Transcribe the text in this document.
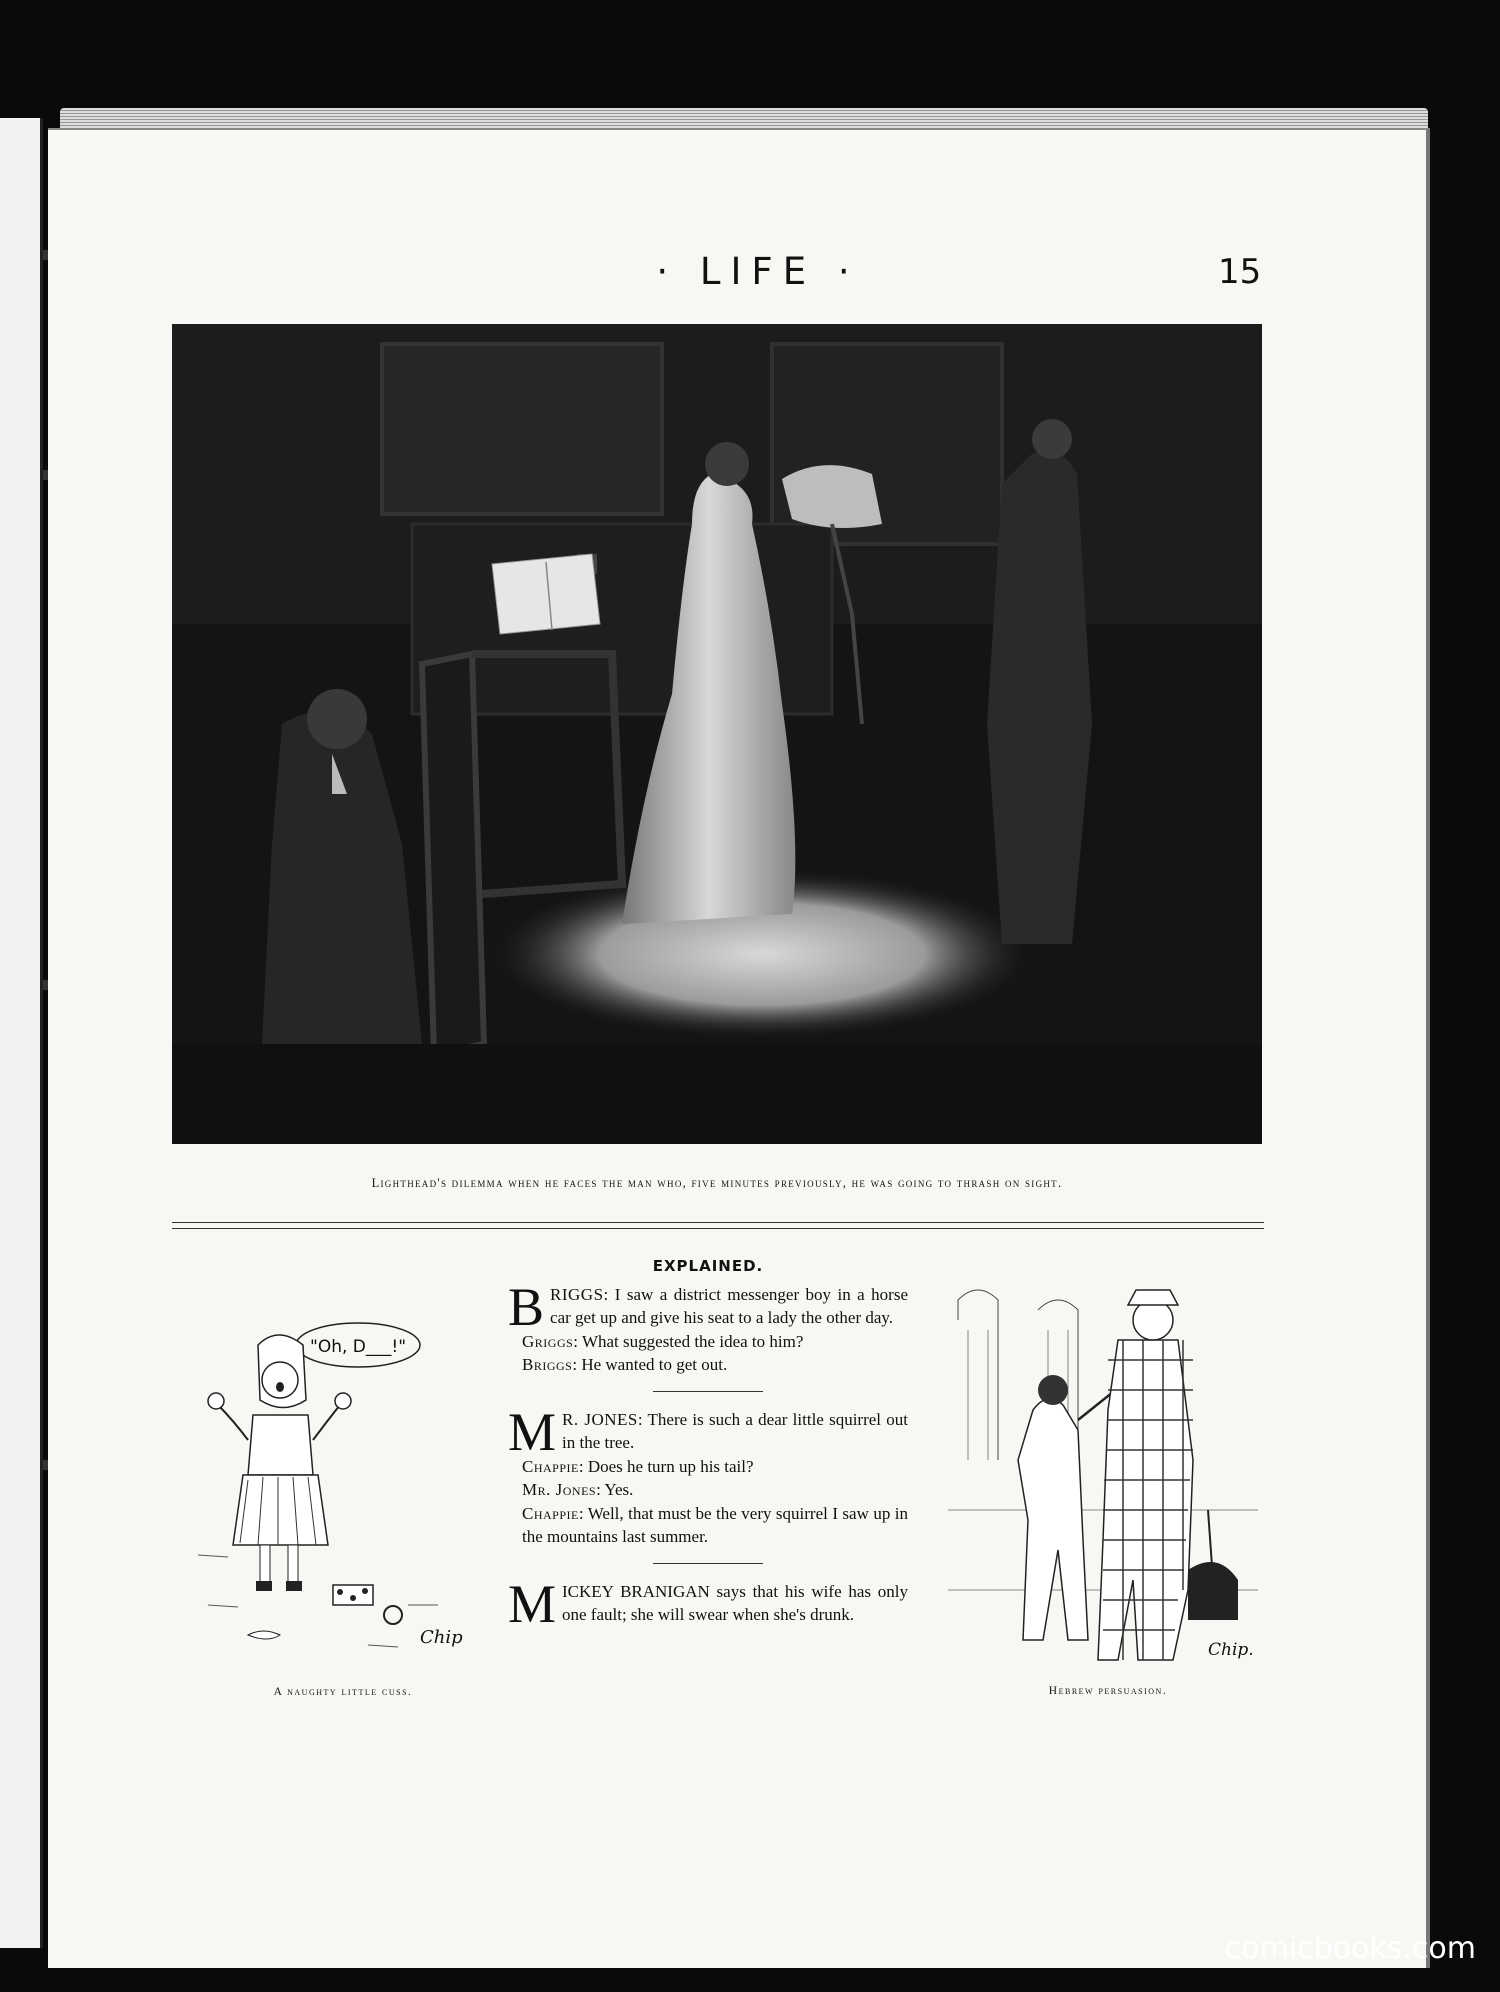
· LIFE ·	15
Lighthead's dilemma when he faces the man who, five minutes previously, he was going to thrash on sight.
"Oh, D___!"
Chip
A naughty little cuss.
EXPLAINED.

BRIGGS: I saw a district messenger boy in a horse car get up and give his seat to a lady the other day.

Griggs: What suggested the idea to him?

Briggs: He wanted to get out.

M R. JONES: There is such a dear little squirrel out in the tree.

Chappie: Does he turn up his tail?

Mr. Jones: Yes.

Chappie: Well, that must be the very squirrel I saw up in the mountains last summer.

MICKEY BRANIGAN says that his wife has only one fault; she will swear when she's drunk.

Chip.
Hebrew persuasion.
comicbooks.com
